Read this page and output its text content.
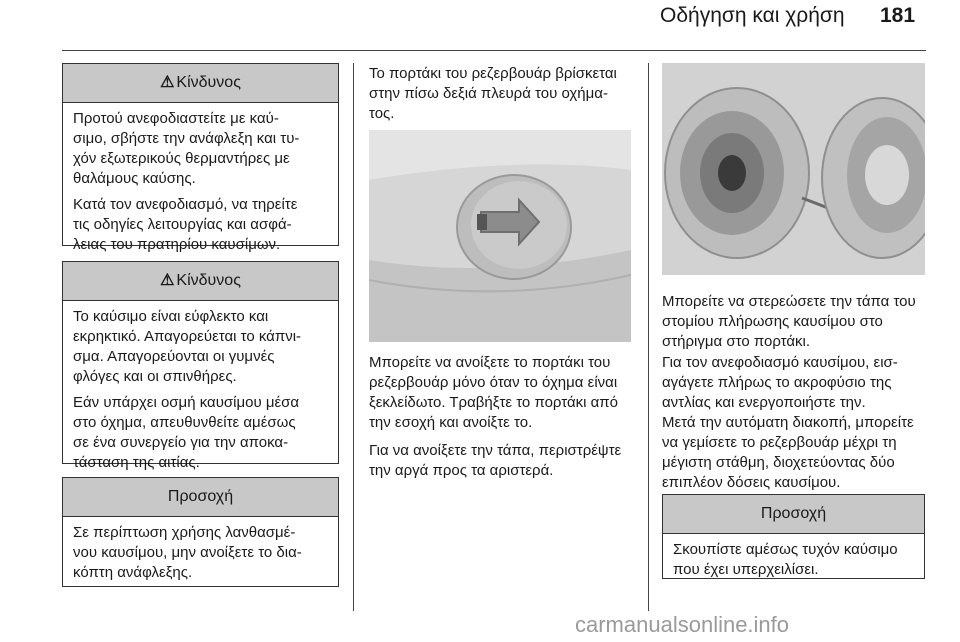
Οδήγηση και χρήση 181
⚠ Κίνδυνος

Προτού ανεφοδιαστείτε με καύ-
σιμο, σβήστε την ανάφλεξη και τυ-
χόν εξωτερικούς θερμαντήρες με
θαλάμους καύσης.

Κατά τον ανεφοδιασμό, να τηρείτε
τις οδηγίες λειτουργίας και ασφά-
λειας του πρατηρίου καυσίμων.

⚠ Κίνδυνος

Το καύσιμο είναι εύφλεκτο και
εκρηκτικό. Απαγορεύεται το κάπνι-
σμα. Απαγορεύονται οι γυμνές
φλόγες και οι σπινθήρες.

Εάν υπάρχει οσμή καυσίμου μέσα
στο όχημα, απευθυνθείτε αμέσως
σε ένα συνεργείο για την αποκα-
τάσταση της αιτίας.

Προσοχή

Σε περίπτωση χρήσης λανθασμέ-
νου καυσίμου, μην ανοίξετε το δια-
κόπτη ανάφλεξης.

Το πορτάκι του ρεζερβουάρ βρίσκεται
στην πίσω δεξιά πλευρά του οχήμα-
τος.
Μπορείτε να ανοίξετε το πορτάκι του
ρεζερβουάρ μόνο όταν το όχημα είναι
ξεκλείδωτο. Τραβήξτε το πορτάκι από
την εσοχή και ανοίξτε το.
Για να ανοίξετε την τάπα, περιστρέψτε
την αργά προς τα αριστερά.
Μπορείτε να στερεώσετε την τάπα του
στομίου πλήρωσης καυσίμου στο
στήριγμα στο πορτάκι.
Για τον ανεφοδιασμό καυσίμου, εισ-
αγάγετε πλήρως το ακροφύσιο της
αντλίας και ενεργοποιήστε την.
Μετά την αυτόματη διακοπή, μπορείτε
να γεμίσετε το ρεζερβουάρ μέχρι τη
μέγιστη στάθμη, διοχετεύοντας δύο
επιπλέον δόσεις καυσίμου.
Προσοχή

Σκουπίστε αμέσως τυχόν καύσιμο
που έχει υπερχειλίσει.

carmanualsonline.info
